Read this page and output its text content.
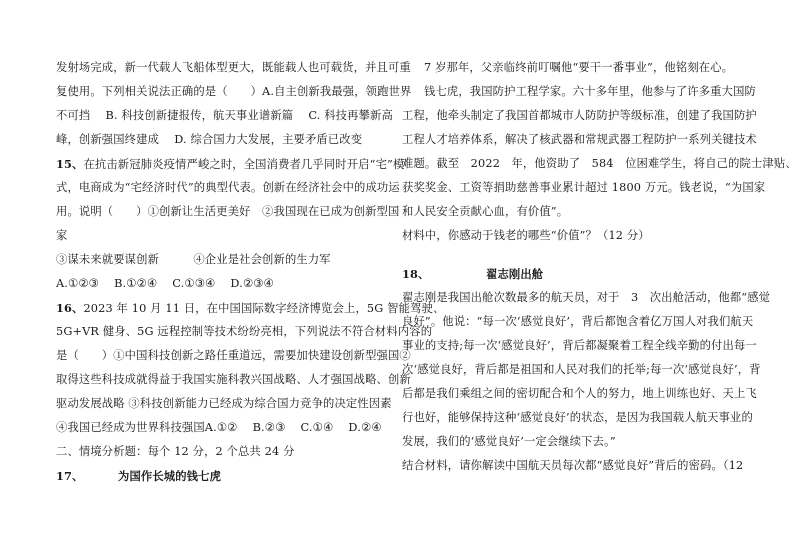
发射场完成，新一代载人飞船体型更大，既能载人也可载货，并且可重
复使用。下列相关说法正确的是（　　）A.自主创新我最强，领跑世界
不可挡　 B. 科技创新捷报传，航天事业谱新篇　 C. 科技再攀新高
峰，创新强国终建成　 D. 综合国力大发展，主要矛盾已改变
15、在抗击新冠肺炎疫情严峻之时，全国消费者几乎同时开启“宅”模
式，电商成为“宅经济时代”的典型代表。创新在经济社会中的成功运
用。说明（　　）①创新让生活更美好　②我国现在已成为创新型国
家
③谋未来就要谋创新　　　④企业是社会创新的生力军
A.①②③　 B.①②④　 C.①③④　 D.②③④
16、2023 年 10 月 11 日，在中国国际数字经济博览会上，5G 智能驾驶、
5G+VR 健身、5G 远程控制等技术纷纷亮相，下列说法不符合材料内容的
是（　　）①中国科技创新之路任重道远，需要加快建设创新型强国②
取得这些科技成就得益于我国实施科教兴国战略、人才强国战略、创新
驱动发展战略 ③科技创新能力已经成为综合国力竞争的决定性因素
④我国已经成为世界科技强国A.①②　 B.②③　 C.①④　 D.②④
二、情境分析题：每个 12 分，2 个总共 24 分
17、	为国作长城的钱七虎
7 岁那年，父亲临终前叮嘱他“要干一番事业”，他铭刻在心。
钱七虎，我国防护工程学家。六十多年里，他参与了许多重大国防
工程，他牵头制定了我国首都城市人防防护等级标准，创建了我国防护
工程人才培养体系，解决了核武器和常规武器工程防护一系列关键技术
难题。截至　2022　年，他资助了　584　位困难学生，将自己的院士津贴、
获奖奖金、工资等捐助慈善事业累计超过 1800 万元。钱老说，“为国家
和人民安全贡献心血，有价值”。
材料中，你感动于钱老的哪些“价值”？（12 分）
18、	翟志刚出舱
翟志刚是我国出舱次数最多的航天员，对于　3　次出舱活动，他都“感觉
良好”。他说：“每一次‘感觉良好’，背后都饱含着亿万国人对我们航天
事业的支持;每一次‘感觉良好’，背后都凝聚着工程全线辛勤的付出每一
次‘感觉良好，背后都是祖国和人民对我们的托举;每一次‘感觉良好’，背
后都是我们乘组之间的密切配合和个人的努力，地上训练也好、天上飞
行也好，能够保持这种‘感觉良好’的状态，是因为我国载人航天事业的
发展，我们的‘感觉良好’一定会继续下去。”
结合材料，请你解读中国航天员每次都“感觉良好”背后的密码。（12
